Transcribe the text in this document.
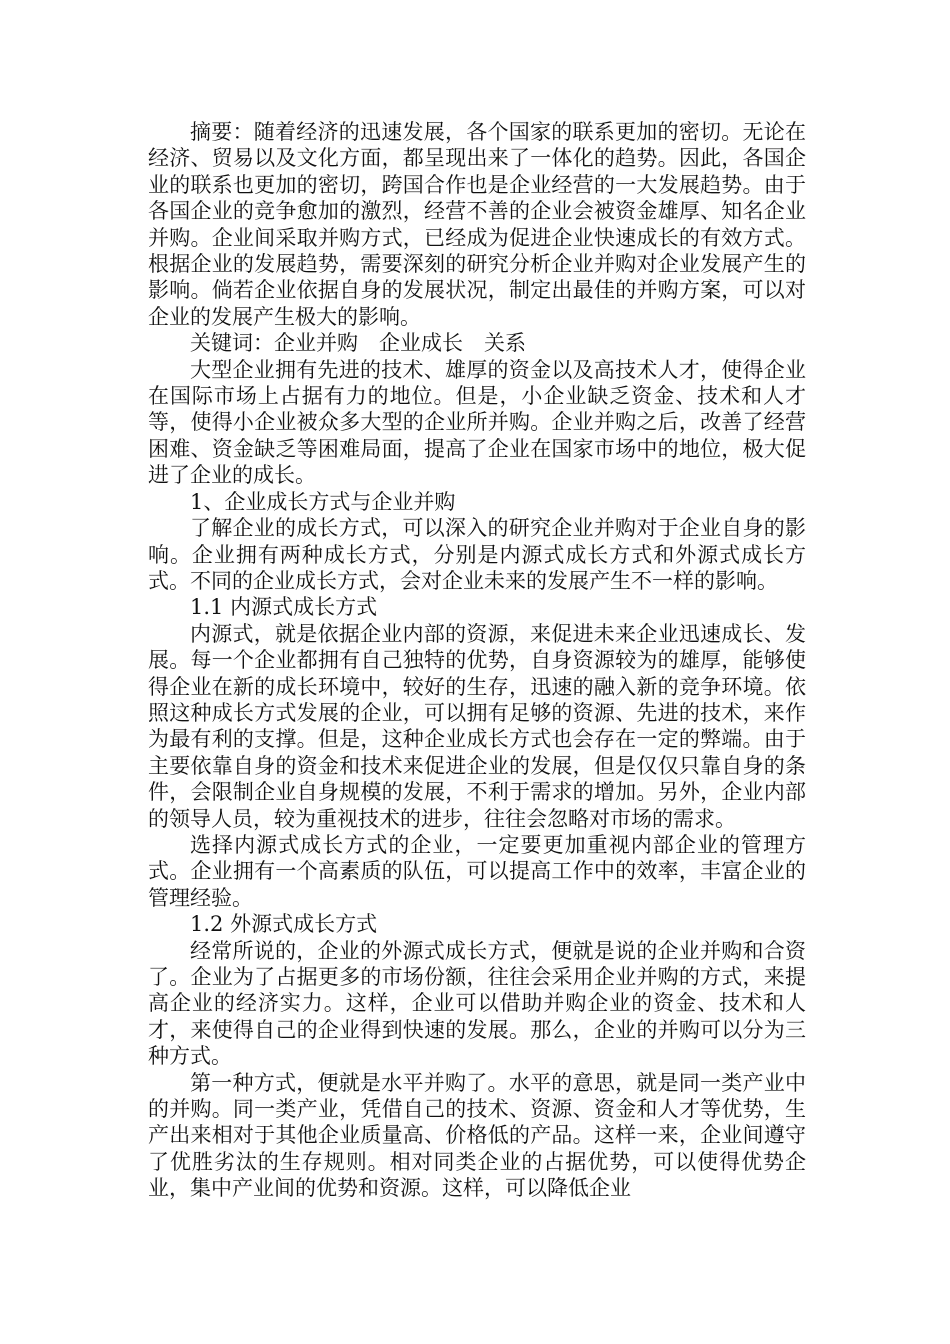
摘要：随着经济的迅速发展，各个国家的联系更加的密切。无论在经济、贸易以及文化方面，都呈现出来了一体化的趋势。因此，各国企业的联系也更加的密切，跨国合作也是企业经营的一大发展趋势。由于各国企业的竞争愈加的激烈，经营不善的企业会被资金雄厚、知名企业并购。企业间采取并购方式，已经成为促进企业快速成长的有效方式。根据企业的发展趋势，需要深刻的研究分析企业并购对企业发展产生的影响。倘若企业依据自身的发展状况，制定出最佳的并购方案，可以对企业的发展产生极大的影响。

关键词：企业并购　企业成长　关系

大型企业拥有先进的技术、雄厚的资金以及高技术人才，使得企业在国际市场上占据有力的地位。但是，小企业缺乏资金、技术和人才等，使得小企业被众多大型的企业所并购。企业并购之后，改善了经营困难、资金缺乏等困难局面，提高了企业在国家市场中的地位，极大促进了企业的成长。

1、企业成长方式与企业并购

了解企业的成长方式，可以深入的研究企业并购对于企业自身的影响。企业拥有两种成长方式，分别是内源式成长方式和外源式成长方式。不同的企业成长方式，会对企业未来的发展产生不一样的影响。

1.1 内源式成长方式

内源式，就是依据企业内部的资源，来促进未来企业迅速成长、发展。每一个企业都拥有自己独特的优势，自身资源较为的雄厚，能够使得企业在新的成长环境中，较好的生存，迅速的融入新的竞争环境。依照这种成长方式发展的企业，可以拥有足够的资源、先进的技术，来作为最有利的支撑。但是，这种企业成长方式也会存在一定的弊端。由于主要依靠自身的资金和技术来促进企业的发展，但是仅仅只靠自身的条件，会限制企业自身规模的发展，不利于需求的增加。另外，企业内部的领导人员，较为重视技术的进步，往往会忽略对市场的需求。

选择内源式成长方式的企业，一定要更加重视内部企业的管理方式。企业拥有一个高素质的队伍，可以提高工作中的效率，丰富企业的管理经验。

1.2 外源式成长方式

经常所说的，企业的外源式成长方式，便就是说的企业并购和合资了。企业为了占据更多的市场份额，往往会采用企业并购的方式，来提高企业的经济实力。这样，企业可以借助并购企业的资金、技术和人才，来使得自己的企业得到快速的发展。那么，企业的并购可以分为三种方式。

第一种方式，便就是水平并购了。水平的意思，就是同一类产业中的并购。同一类产业，凭借自己的技术、资源、资金和人才等优势，生产出来相对于其他企业质量高、价格低的产品。这样一来，企业间遵守了优胜劣汰的生存规则。相对同类企业的占据优势，可以使得优势企业，集中产业间的优势和资源。这样，可以降低企业
